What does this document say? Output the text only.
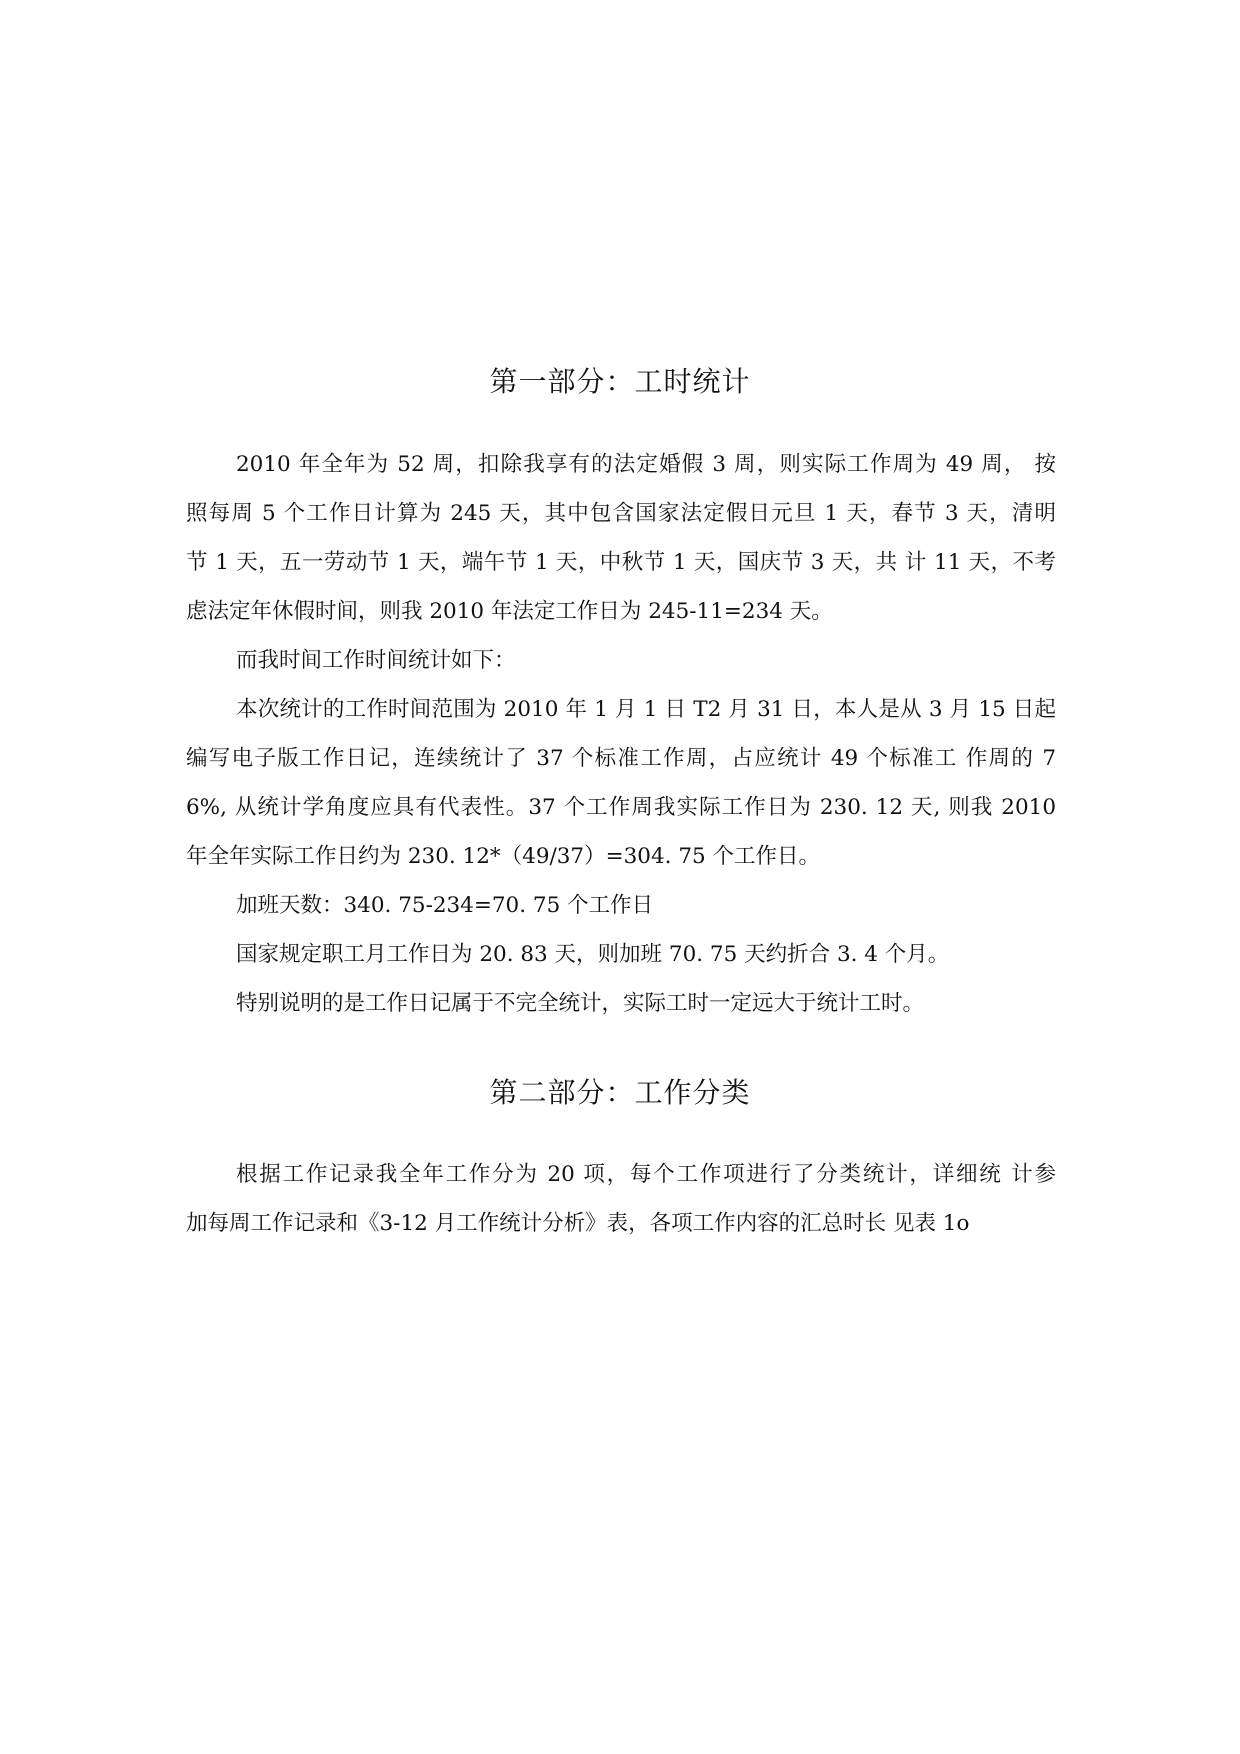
第一部分：工时统计
2010 年全年为 52 周，扣除我享有的法定婚假 3 周，则实际工作周为 49 周， 按
照每周 5 个工作日计算为 245 天，其中包含国家法定假日元旦 1 天，春节 3 天，清明
节 1 天，五一劳动节 1 天，端午节 1 天，中秋节 1 天，国庆节 3 天，共 计 11 天，不考
虑法定年休假时间，则我 2010 年法定工作日为 245-11=234 天。
而我时间工作时间统计如下：
本次统计的工作时间范围为 2010 年 1 月 1 日 T2 月 31 日，本人是从 3 月 15 日起
编写电子版工作日记，连续统计了 37 个标准工作周，占应统计 49 个标准工 作周的 7
6%, 从统计学角度应具有代表性。37 个工作周我实际工作日为 230. 12 天, 则我 2010
年全年实际工作日约为 230. 12*（49/37）=304. 75 个工作日。
加班天数：340. 75-234=70. 75 个工作日
国家规定职工月工作日为 20. 83 天，则加班 70. 75 天约折合 3. 4 个月。
特别说明的是工作日记属于不完全统计，实际工时一定远大于统计工时。
第二部分：工作分类
根据工作记录我全年工作分为 20 项，每个工作项进行了分类统计，详细统 计参
加每周工作记录和《3-12 月工作统计分析》表，各项工作内容的汇总时长 见表 1o
